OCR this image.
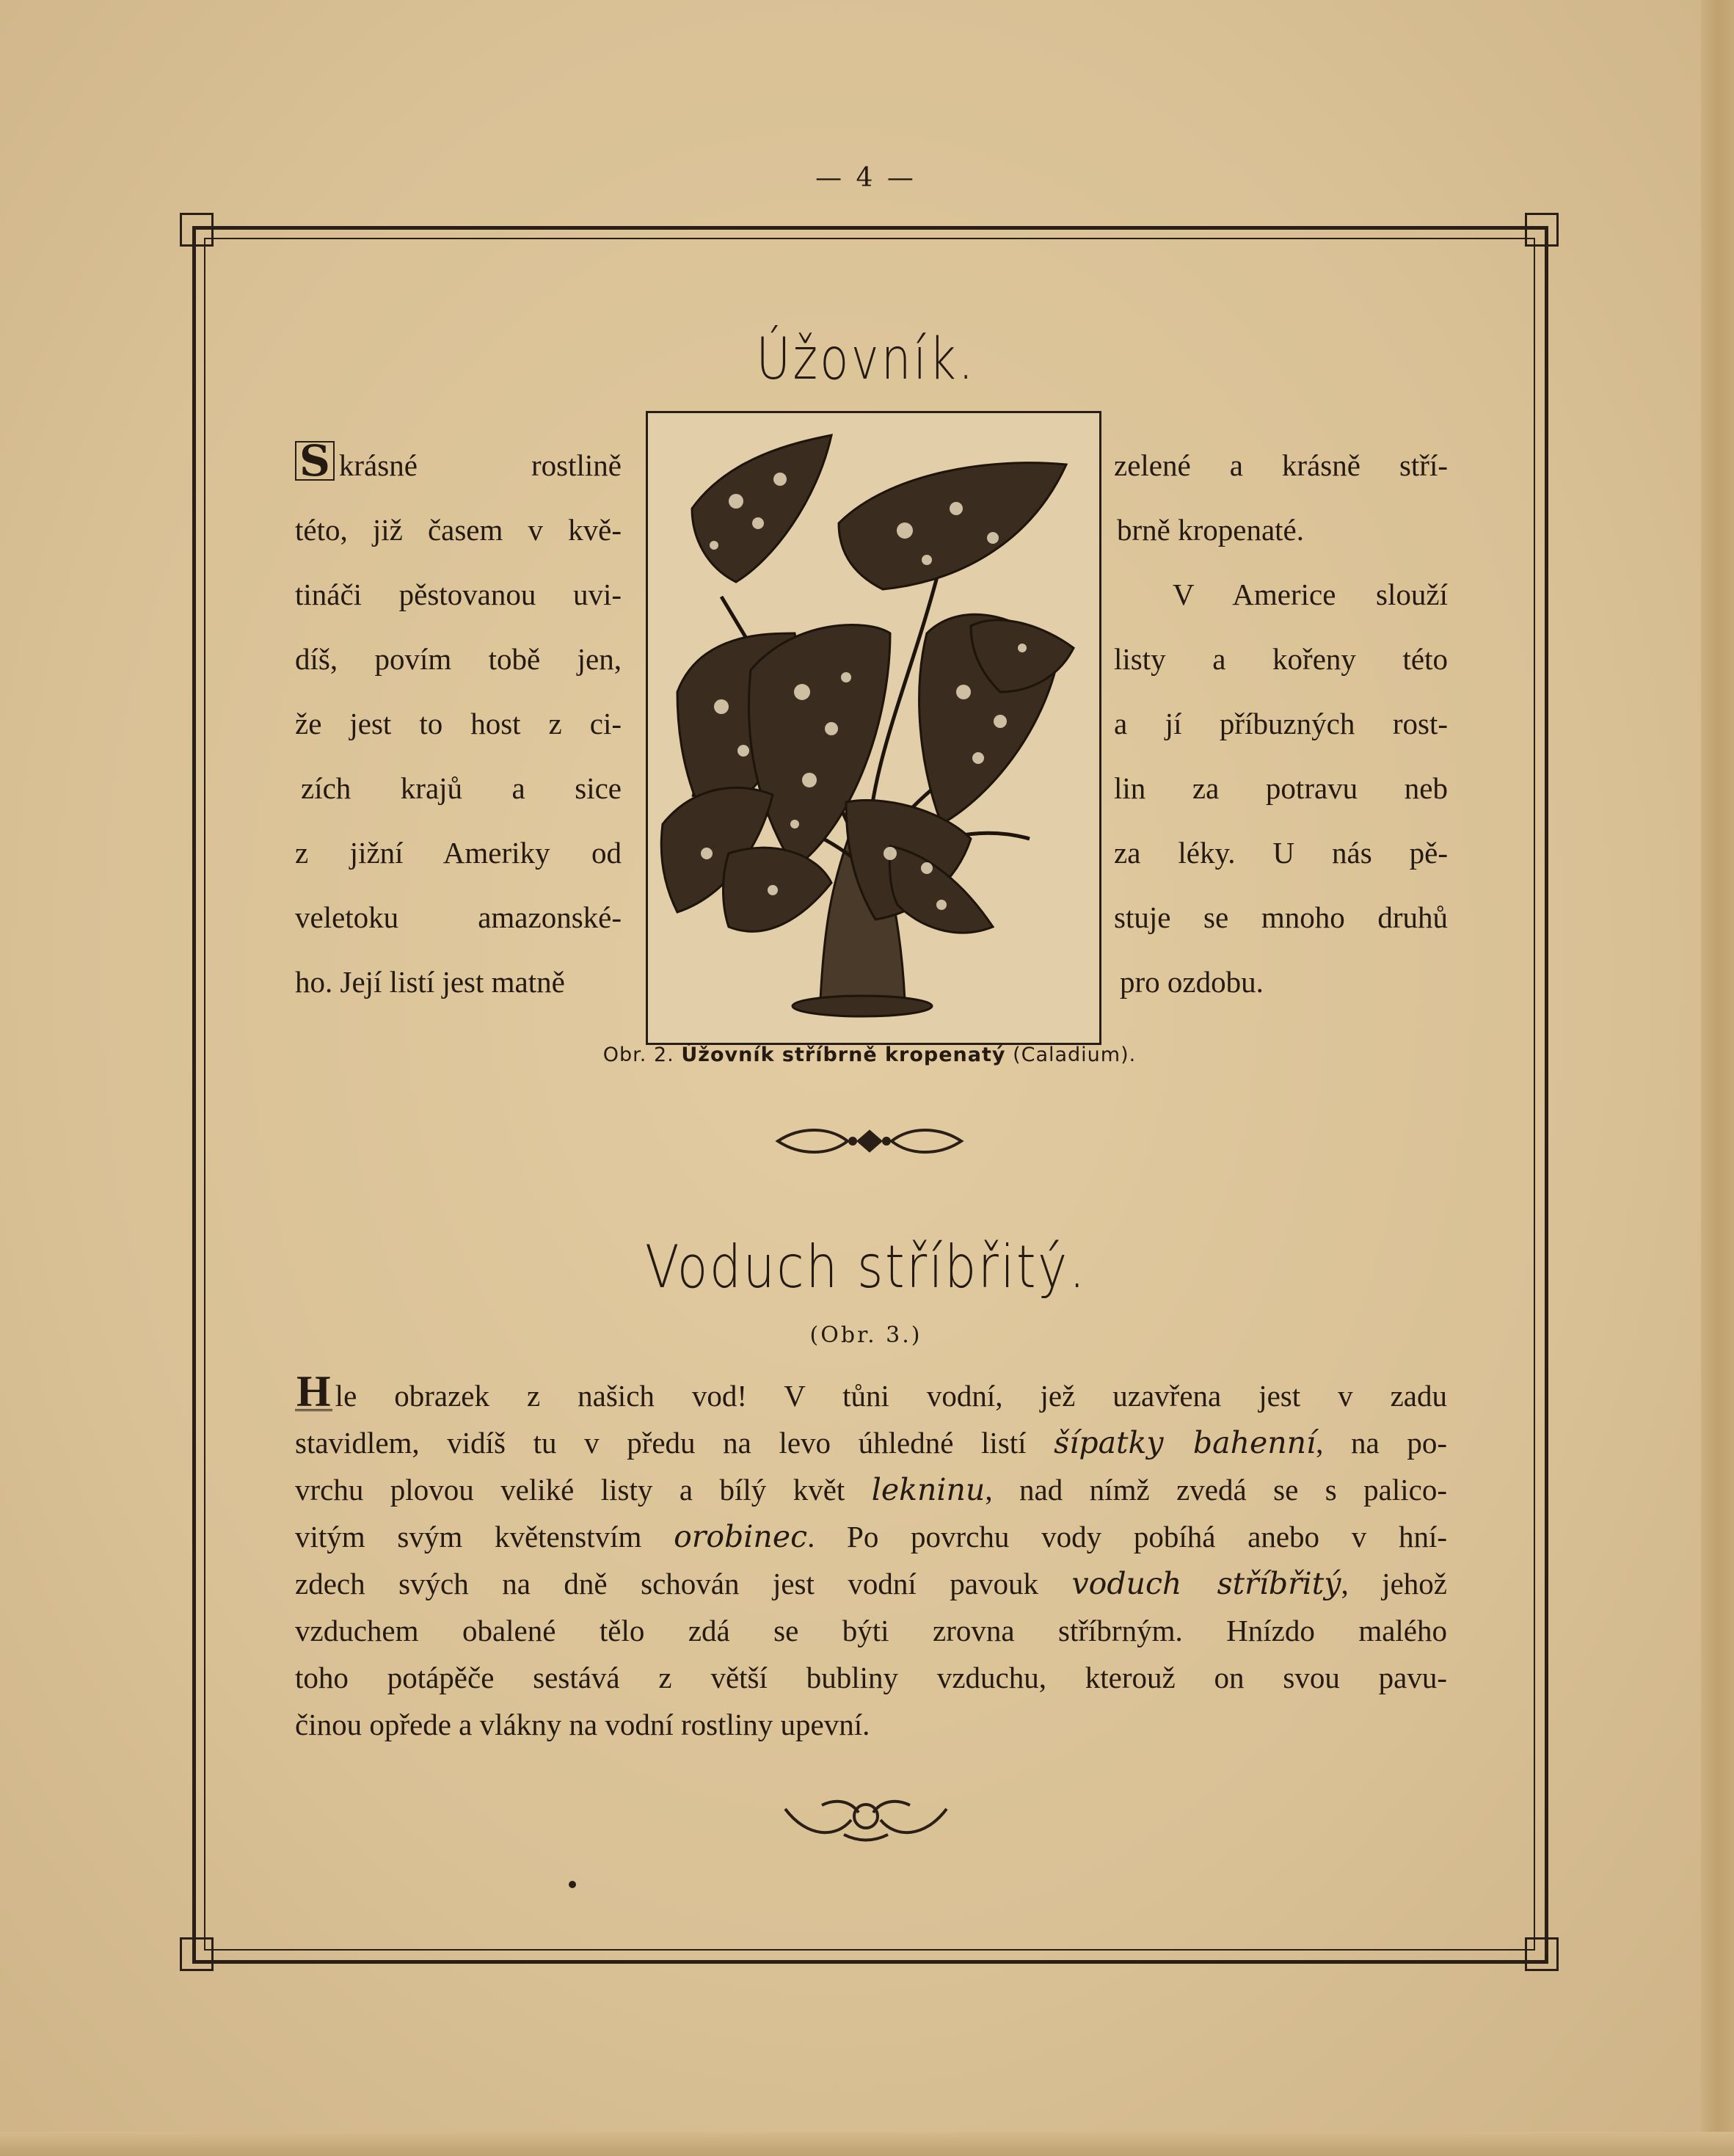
— 4 —
Úžovník.

S krásné rostlině

této, již časem v kvě-

tináči pěstovanou uvi-

díš, povím tobě jen,

že jest to host z ci-

zích krajů a sice

z jižní Ameriky od

veletoku amazonské-

ho. Její listí jest matně

zelené a krásně stří-

brně kropenaté.

V Americe slouží

listy a kořeny této

a jí příbuzných rost-

lin za potravu neb

za léky. U nás pě-

stuje se mnoho druhů

pro ozdobu.

Obr. 2. Úžovník stříbrně kropenatý (Caladium).
Voduch stříbřitý.
(Obr. 3.)

H le obrazek z našich vod! V tůni vodní, jež uzavřena jest v zadu

stavidlem, vidíš tu v předu na levo úhledné listí šípatky bahenní, na po-

vrchu plovou veliké listy a bílý květ lekninu, nad nímž zvedá se s palico-

vitým svým květenstvím orobinec. Po povrchu vody pobíhá anebo v hní-

zdech svých na dně schován jest vodní pavouk voduch stříbřitý, jehož

vzduchem obalené tělo zdá se býti zrovna stříbrným. Hnízdo malého

toho potápěče sestává z větší bubliny vzduchu, kterouž on svou pavu-

činou opřede a vlákny na vodní rostliny upevní.
